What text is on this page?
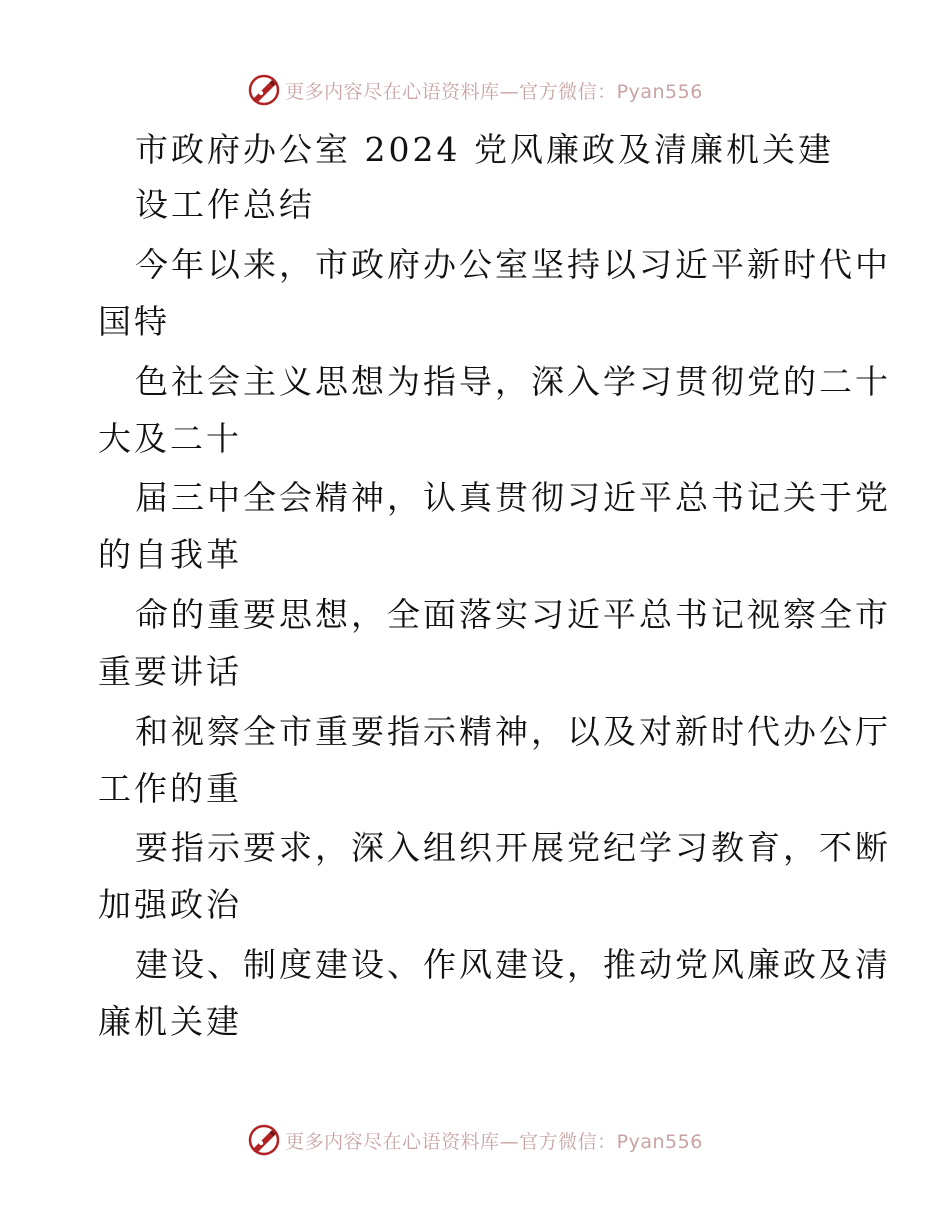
更多内容尽在心语资料库—官方微信：Pyan556
市政府办公室 2024 党风廉政及清廉机关建
设工作总结
今年以来，市政府办公室坚持以习近平新时代中
国特
色社会主义思想为指导，深入学习贯彻党的二十
大及二十
届三中全会精神，认真贯彻习近平总书记关于党
的自我革
命的重要思想，全面落实习近平总书记视察全市
重要讲话
和视察全市重要指示精神，以及对新时代办公厅
工作的重
要指示要求，深入组织开展党纪学习教育，不断
加强政治
建设、制度建设、作风建设，推动党风廉政及清
廉机关建
更多内容尽在心语资料库—官方微信：Pyan556
